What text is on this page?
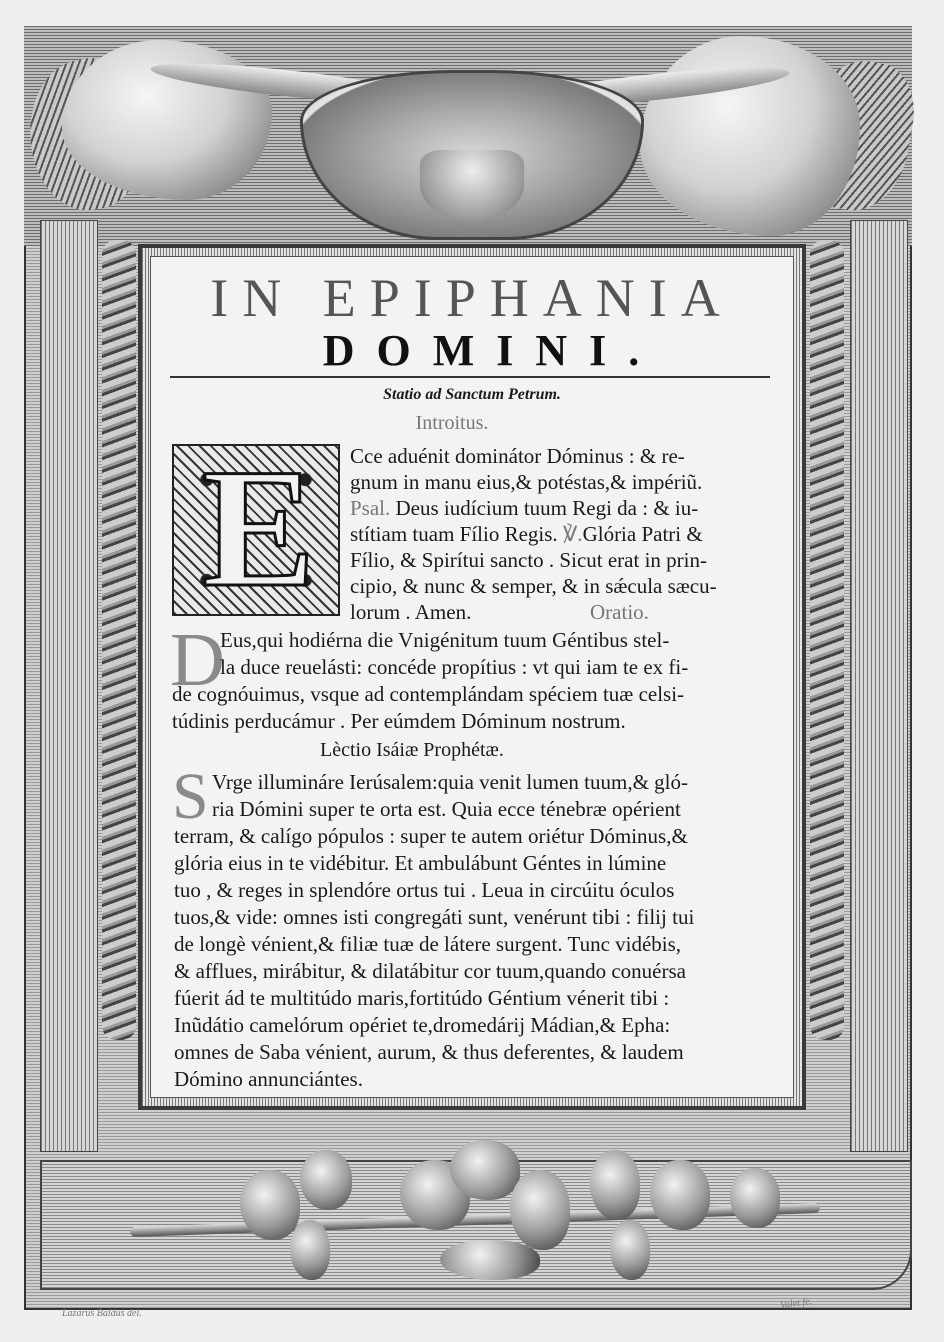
IN EPIPHANIA
DOMINI.
Statio ad Sanctum Petrum.
Introitus.
E Cce aduénit dominátor Dóminus : & re-
gnum in manu eius,& potéstas,& impériũ.
Psal. Deus iudícium tuum Regi da : & iu-
stítiam tuam Fílio Regis. ℣.Glória Patri &
Fílio, & Spirítui sancto . Sicut erat in prin-
cipio, & nunc & semper, & in sǽcula sæcu-
lorum . Amen.	Oratio.
D
Eus,qui hodiérna die Vnigénitum tuum Géntibus stel-
la duce reuelásti: concéde propítius : vt qui iam te ex fi-
de cognóuimus, vsque ad contemplándam spéciem tuæ celsi-
túdinis perducámur . Per eúmdem Dóminum nostrum.
Lèctio Isáiæ Prophétæ.
S Vrge illumináre Ierúsalem:quia venit lumen tuum,& gló-
ria Dómini super te orta est. Quia ecce ténebræ opérient
terram, & calígo pópulos : super te autem oriétur Dóminus,&
glória eius in te vidébitur. Et ambulábunt Géntes in lúmine
tuo , & reges in splendóre ortus tui . Leua in circúitu óculos
tuos,& vide: omnes isti congregáti sunt, venérunt tibi : filij tui
de longè vénient,& filiæ tuæ de látere surgent. Tunc vidébis,
& afflues, mirábitur, & dilatábitur cor tuum,quando conuérsa
fúerit ád te multitúdo maris,fortitúdo Géntium vénerit tibi :
Inũdátio camelórum opériet te,dromedárij Mádian,& Epha:
omnes de Saba vénient, aurum, & thus deferentes, & laudem
Dómino annunciántes.
Lazarus Baldus del.
Valet fe.
